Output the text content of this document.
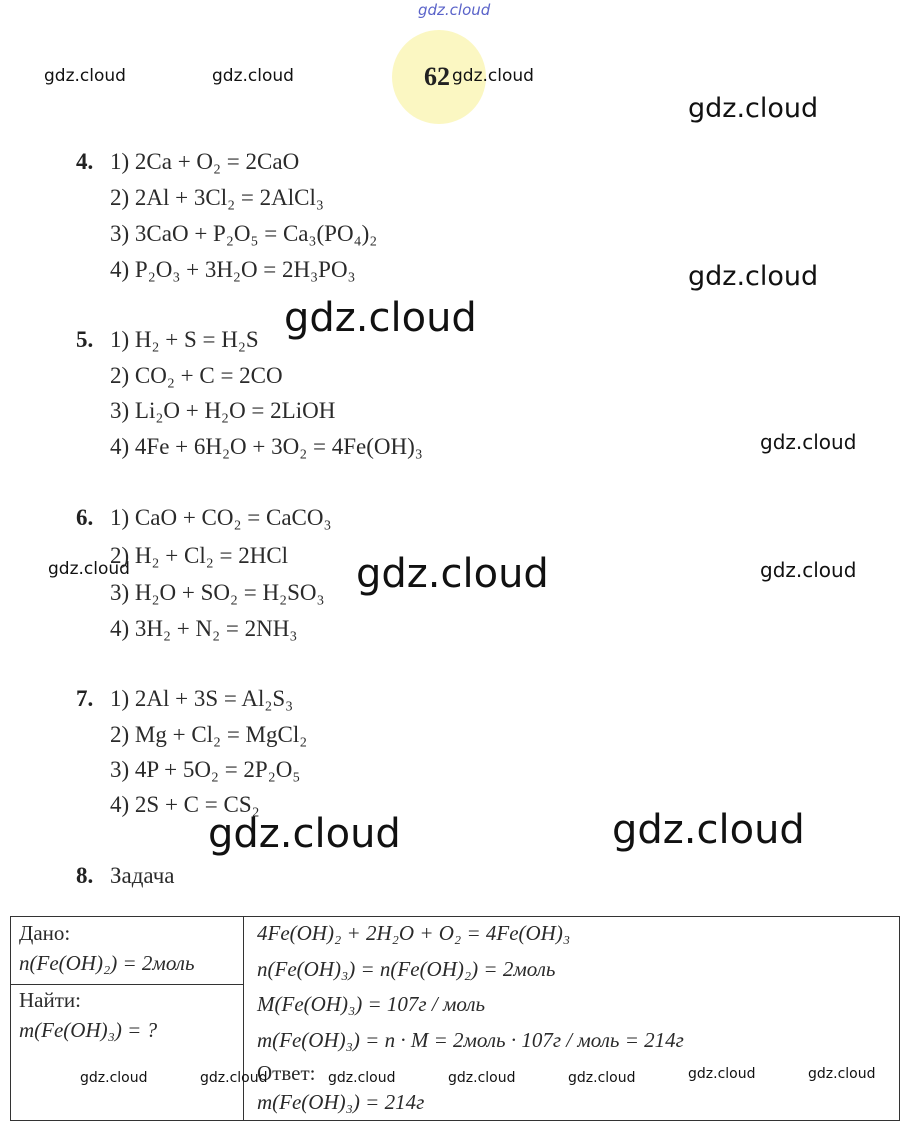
62
gdz.cloud
gdz.cloud	gdz.cloud	gdz.cloud
gdz.cloud
gdz.cloud
gdz.cloud
gdz.cloud
gdz.cloud	gdz.cloud	gdz.cloud
gdz.cloud	gdz.cloud
4. 1) 2Ca + O₂ = 2CaO
2) 2Al + 3Cl₂ = 2AlCl₃
3) 3CaO + P₂O₅ = Ca₃(PO₄)₂
4) P₂O₃ + 3H₂O = 2H₃PO₃
5. 1) H₂ + S = H₂S
2) CO₂ + C = 2CO
3) Li₂O + H₂O = 2LiOH
4) 4Fe + 6H₂O + 3O₂ = 4Fe(OH)₃
6. 1) CaO + CO₂ = CaCO₃
2) H₂ + Cl₂ = 2HCl
3) H₂O + SO₂ = H₂SO₃
4) 3H₂ + N₂ = 2NH₃
7. 1) 2Al + 3S = Al₂S₃
2) Mg + Cl₂ = MgCl₂
3) 4P + 5O₂ = 2P₂O₅
4) 2S + C = CS₂
8. Задача
Дано:
n(Fe(OH)₂) = 2моль
Найти:
m(Fe(OH)₃) = ?
4Fe(OH)₂ + 2H₂O + O₂ = 4Fe(OH)₃
n(Fe(OH)₃) = n(Fe(OH)₂) = 2моль
M(Fe(OH)₃) = 107г / моль
m(Fe(OH)₃) = n · M = 2моль · 107г / моль = 214г
Ответ:
m(Fe(OH)₃) = 214г
gdz.cloud	gdz.cloud	gdz.cloud	gdz.cloud	gdz.cloud	gdz.cloud	gdz.cloud
